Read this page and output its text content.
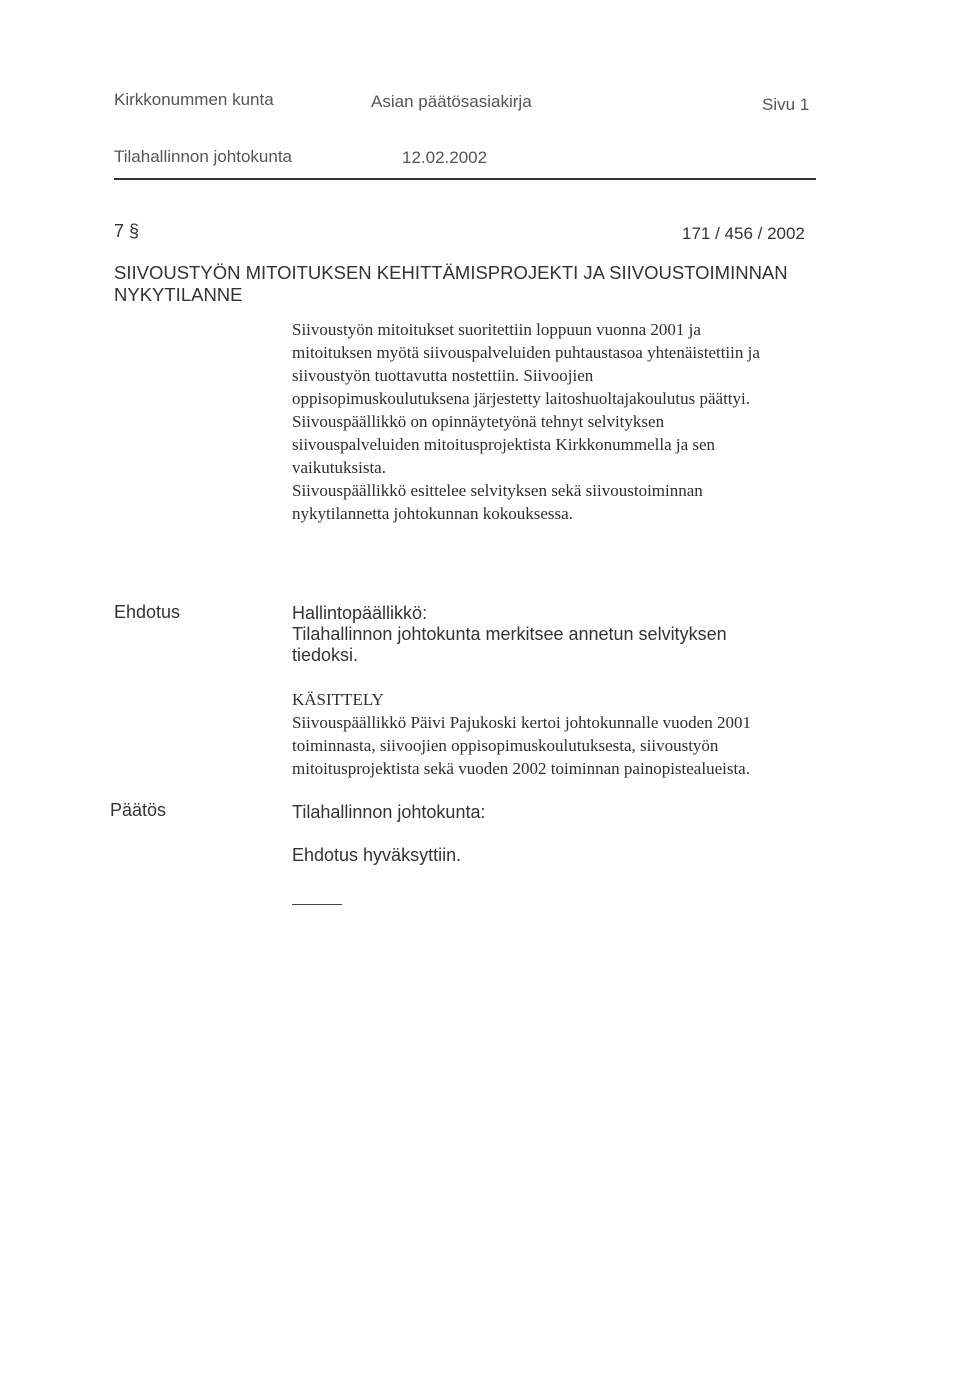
Kirkkonummen kunta	Asian päätösasiakirja	Sivu 1
Tilahallinnon johtokunta	12.02.2002
7 §	171 / 456 / 2002
SIIVOUSTYÖN MITOITUKSEN KEHITTÄMISPROJEKTI JA SIIVOUSTOIMINNAN
NYKYTILANNE
Siivoustyön mitoitukset suoritettiin loppuun vuonna 2001 ja
mitoituksen myötä siivouspalveluiden puhtaustasoa yhtenäistettiin ja
siivoustyön tuottavutta nostettiin. Siivoojien
oppisopimuskoulutuksena järjestetty laitoshuoltajakoulutus päättyi.
Siivouspäällikkö on opinnäytetyönä tehnyt selvityksen
siivouspalveluiden mitoitusprojektista Kirkkonummella ja sen
vaikutuksista.
Siivouspäällikkö esittelee selvityksen sekä siivoustoiminnan
nykytilannetta johtokunnan kokouksessa.
Ehdotus	Hallintopäällikkö:
Tilahallinnon johtokunta merkitsee annetun selvityksen
tiedoksi.
KÄSITTELY
Siivouspäällikkö Päivi Pajukoski kertoi johtokunnalle vuoden 2001
toiminnasta, siivoojien oppisopimuskoulutuksesta, siivoustyön
mitoitusprojektista sekä vuoden 2002 toiminnan painopistealueista.
Päätös	Tilahallinnon johtokunta:
Ehdotus hyväksyttiin.
